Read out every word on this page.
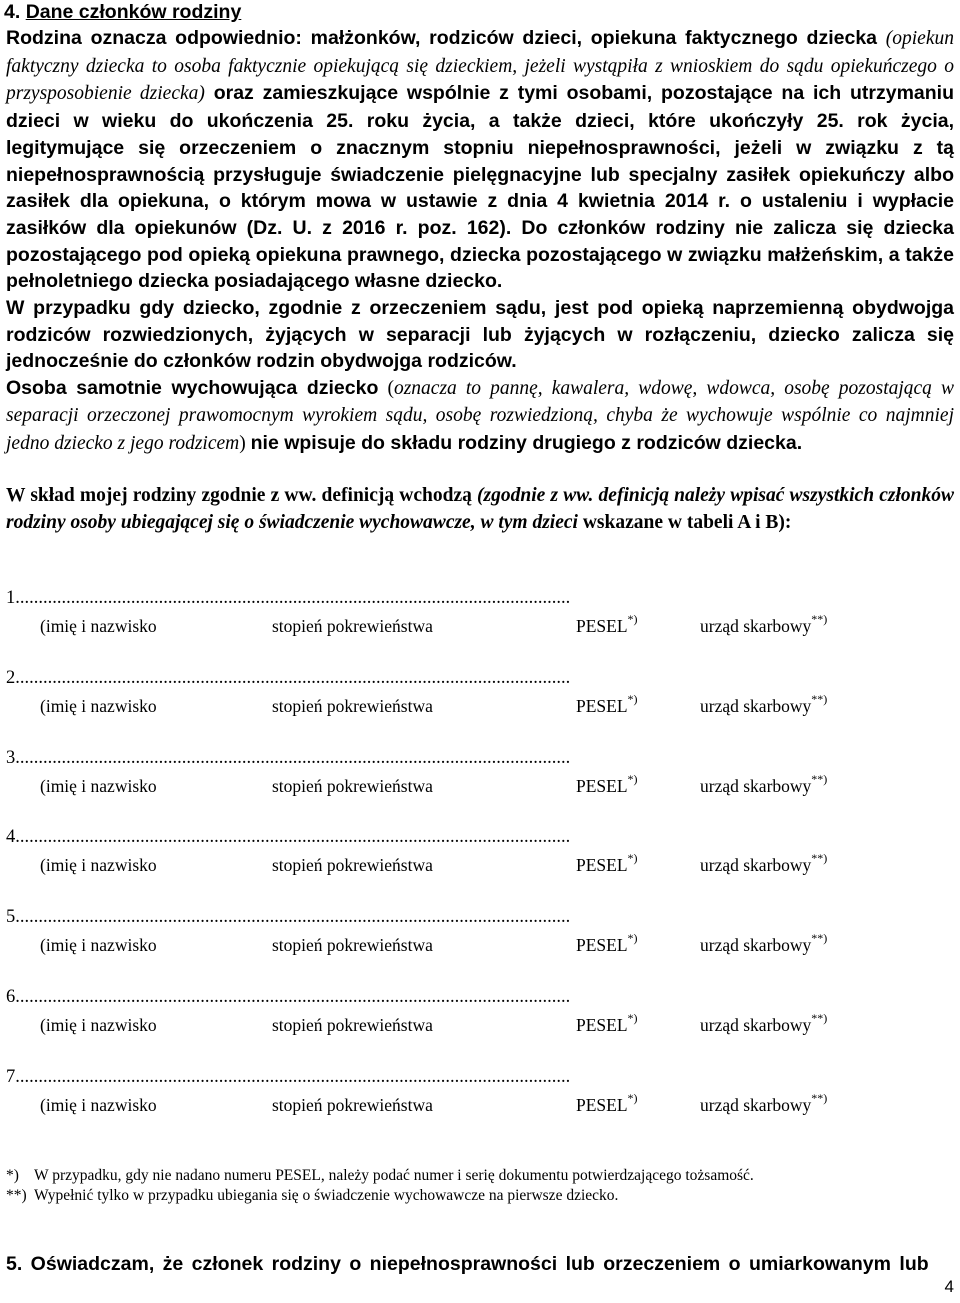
4. Dane członków rodziny

Rodzina oznacza odpowiednio: małżonków, rodziców dzieci, opiekuna faktycznego dziecka (opiekun faktyczny dziecka to osoba faktycznie opiekującą się dzieckiem, jeżeli wystąpiła z wnioskiem do sądu opiekuńczego o przysposobienie dziecka) oraz zamieszkujące wspólnie z tymi osobami, pozostające na ich utrzymaniu dzieci w wieku do ukończenia 25. roku życia, a także dzieci, które ukończyły 25. rok życia, legitymujące się orzeczeniem o znacznym stopniu niepełnosprawności, jeżeli w związku z tą niepełnosprawnością przysługuje świadczenie pielęgnacyjne lub specjalny zasiłek opiekuńczy albo zasiłek dla opiekuna, o którym mowa w ustawie z dnia 4 kwietnia 2014 r. o ustaleniu i wypłacie zasiłków dla opiekunów (Dz. U. z 2016 r. poz. 162). Do członków rodziny nie zalicza się dziecka pozostającego pod opieką opiekuna prawnego, dziecka pozostającego w związku małżeńskim, a także pełnoletniego dziecka posiadającego własne dziecko.

W przypadku gdy dziecko, zgodnie z orzeczeniem sądu, jest pod opieką naprzemienną obydwojga rodziców rozwiedzionych, żyjących w separacji lub żyjących w rozłączeniu, dziecko zalicza się jednocześnie do członków rodzin obydwojga rodziców.

Osoba samotnie wychowująca dziecko (oznacza to pannę, kawalera, wdowę, wdowca, osobę pozostającą w separacji orzeczonej prawomocnym wyrokiem sądu, osobę rozwiedzioną, chyba że wychowuje wspólnie co najmniej jedno dziecko z jego rodzicem) nie wpisuje do składu rodziny drugiego z rodziców dziecka.

W skład mojej rodziny zgodnie z ww. definicją wchodzą (zgodnie z ww. definicją należy wpisać wszystkich członków rodziny osoby ubiegającej się o świadczenie wychowawcze, w tym dzieci wskazane w tabeli A i B):

1........................................................................................................................
(imię i nazwisko	stopień pokrewieństwa	PESEL*)	urząd skarbowy**)
2........................................................................................................................
(imię i nazwisko	stopień pokrewieństwa	PESEL*)	urząd skarbowy**)
3........................................................................................................................
(imię i nazwisko	stopień pokrewieństwa	PESEL*)	urząd skarbowy**)
4........................................................................................................................
(imię i nazwisko	stopień pokrewieństwa	PESEL*)	urząd skarbowy**)
5........................................................................................................................
(imię i nazwisko	stopień pokrewieństwa	PESEL*)	urząd skarbowy**)
6........................................................................................................................
(imię i nazwisko	stopień pokrewieństwa	PESEL*)	urząd skarbowy**)
7........................................................................................................................
(imię i nazwisko	stopień pokrewieństwa	PESEL*)	urząd skarbowy**)
*) W przypadku, gdy nie nadano numeru PESEL, należy podać numer i serię dokumentu potwierdzającego tożsamość.
**) Wypełnić tylko w przypadku ubiegania się o świadczenie wychowawcze na pierwsze dziecko.
5. Oświadczam, że członek rodziny o niepełnosprawności lub orzeczeniem o umiarkowanym lub
4
